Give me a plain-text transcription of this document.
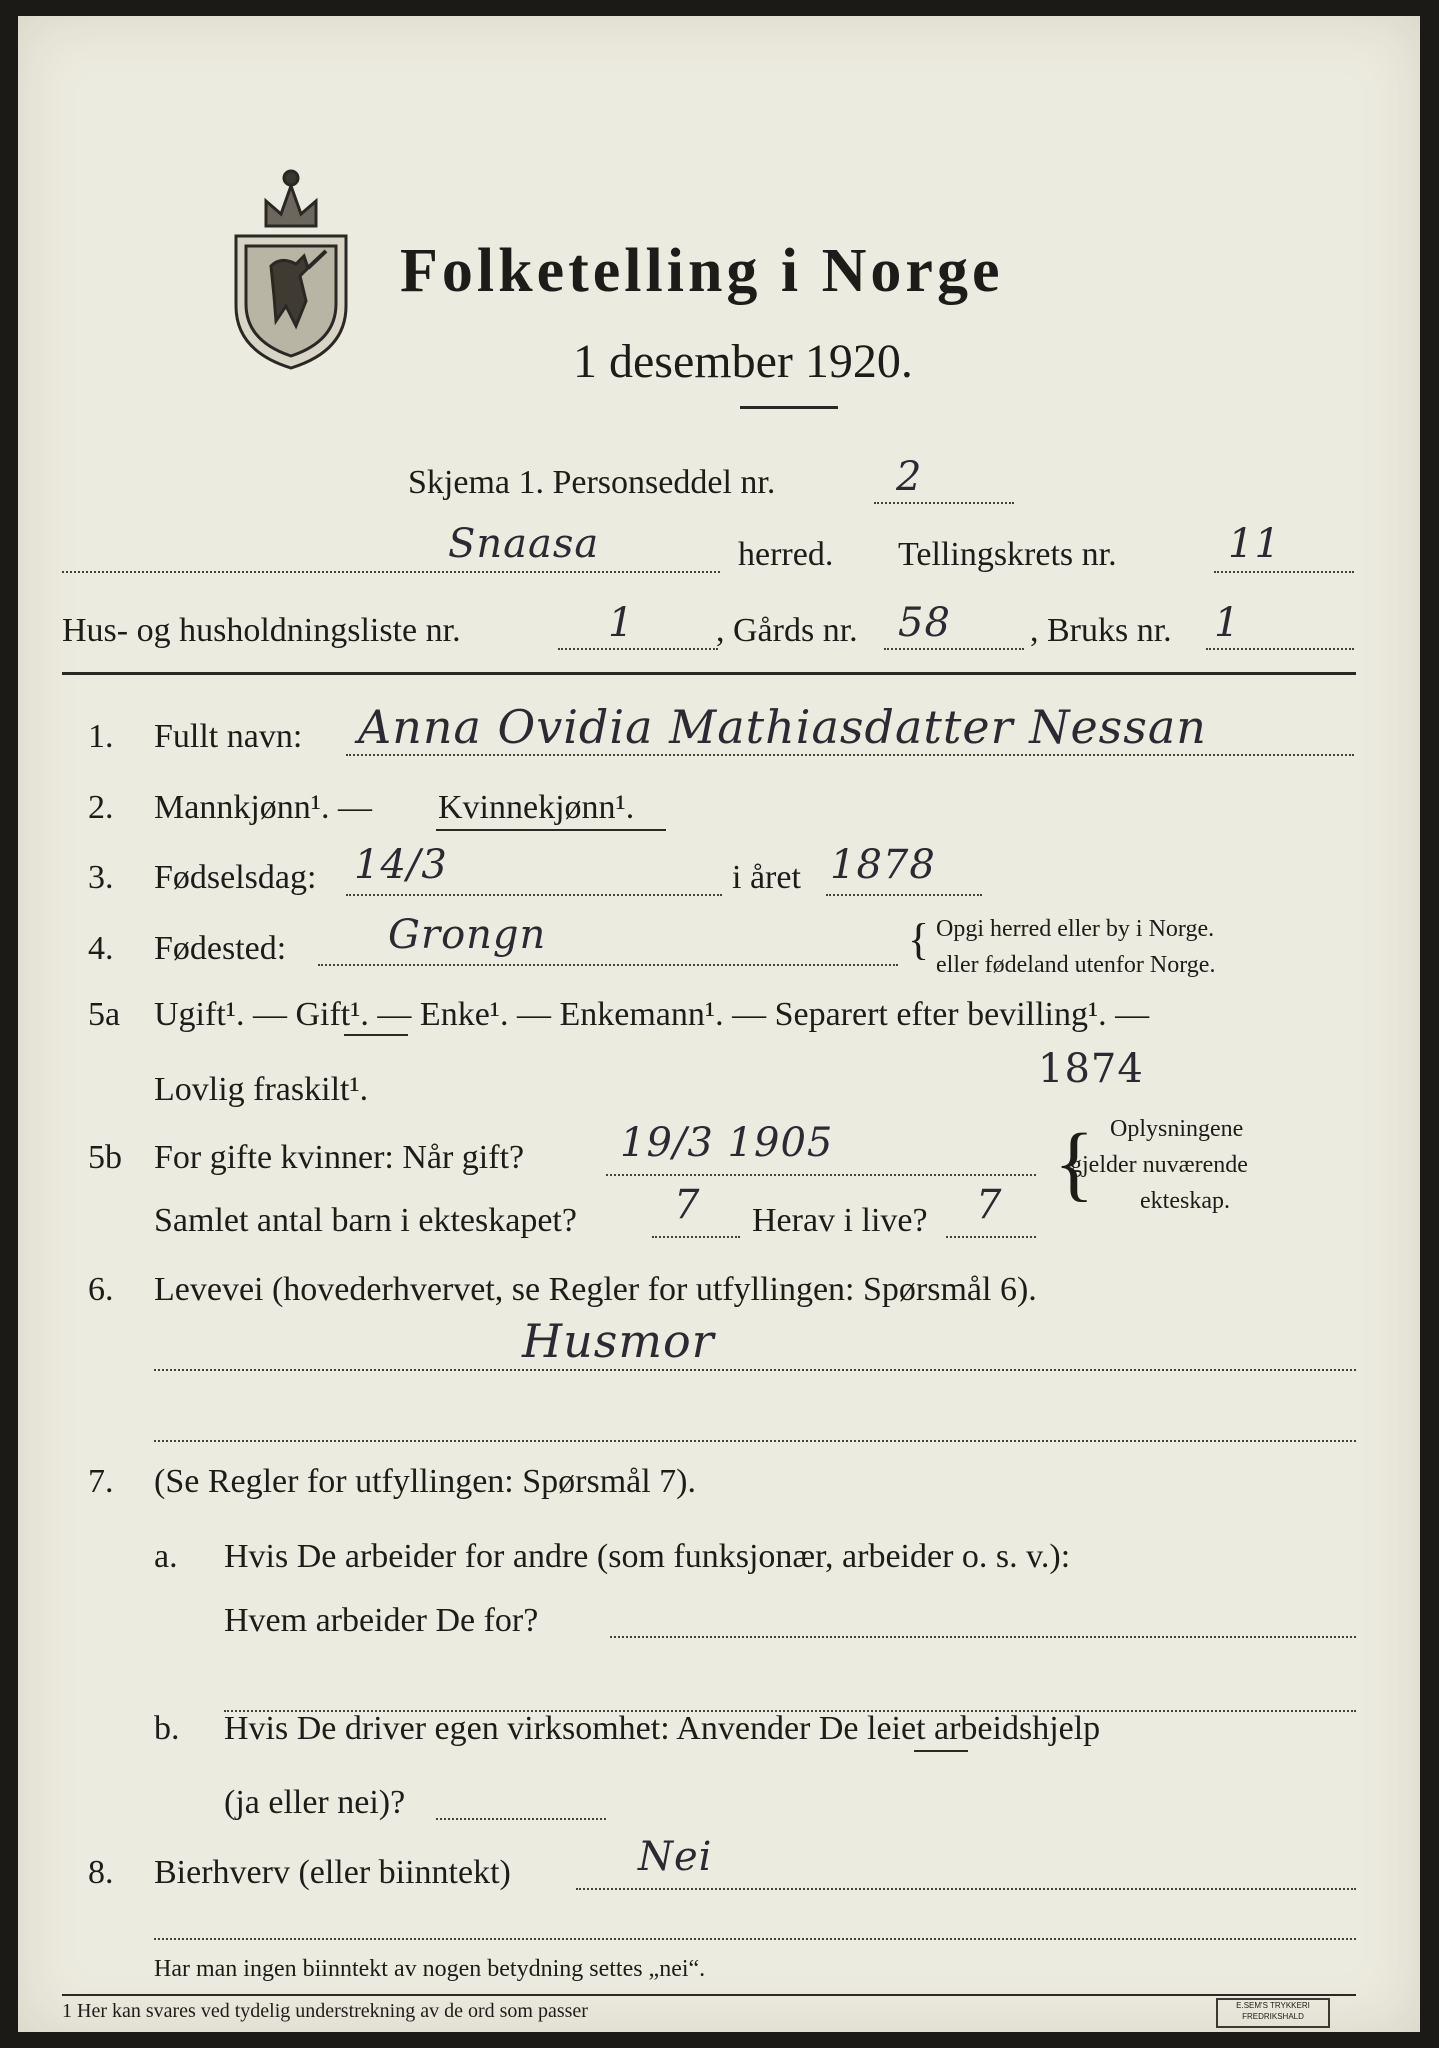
Folketelling i Norge
1 desember 1920.
Skjema 1. Personseddel nr.	2
Snaasa	herred. Tellingskrets nr.	11
Hus- og husholdningsliste nr.	1 , Gårds nr. 58 , Bruks nr. 1
1. Fullt navn: Anna Ovidia Mathiasdatter Nessan
2. Mannkjønn¹. — Kvinnekjønn¹.
3. Fødselsdag: 14/3	i året 1878
4. Fødested:	Grongn	{ Opgi herred eller by i Norge.
eller fødeland utenfor Norge.
5a Ugift¹. — Gift¹. — Enke¹. — Enkemann¹. — Separert efter bevilling¹. —
Lovlig fraskilt¹.	1874
5b For gifte kvinner: Når gift? 19/3 1905	{ Oplysningene
gjelder nuværende
ekteskap.
Samlet antal barn i ekteskapet? 7 Herav i live? 7
6. Levevei (hovederhvervet, se Regler for utfyllingen: Spørsmål 6).
Husmor
7. (Se Regler for utfyllingen: Spørsmål 7).
a. Hvis De arbeider for andre (som funksjonær, arbeider o. s. v.):
Hvem arbeider De for?
b. Hvis De driver egen virksomhet: Anvender De leiet arbeidshjelp
(ja eller nei)?
8. Bierhverv (eller biinntekt)	Nei
Har man ingen biinntekt av nogen betydning settes „nei“.
1 Her kan svares ved tydelig understrekning av de ord som passer	E.SEM'S TRYKKERI FREDRIKSHALD
